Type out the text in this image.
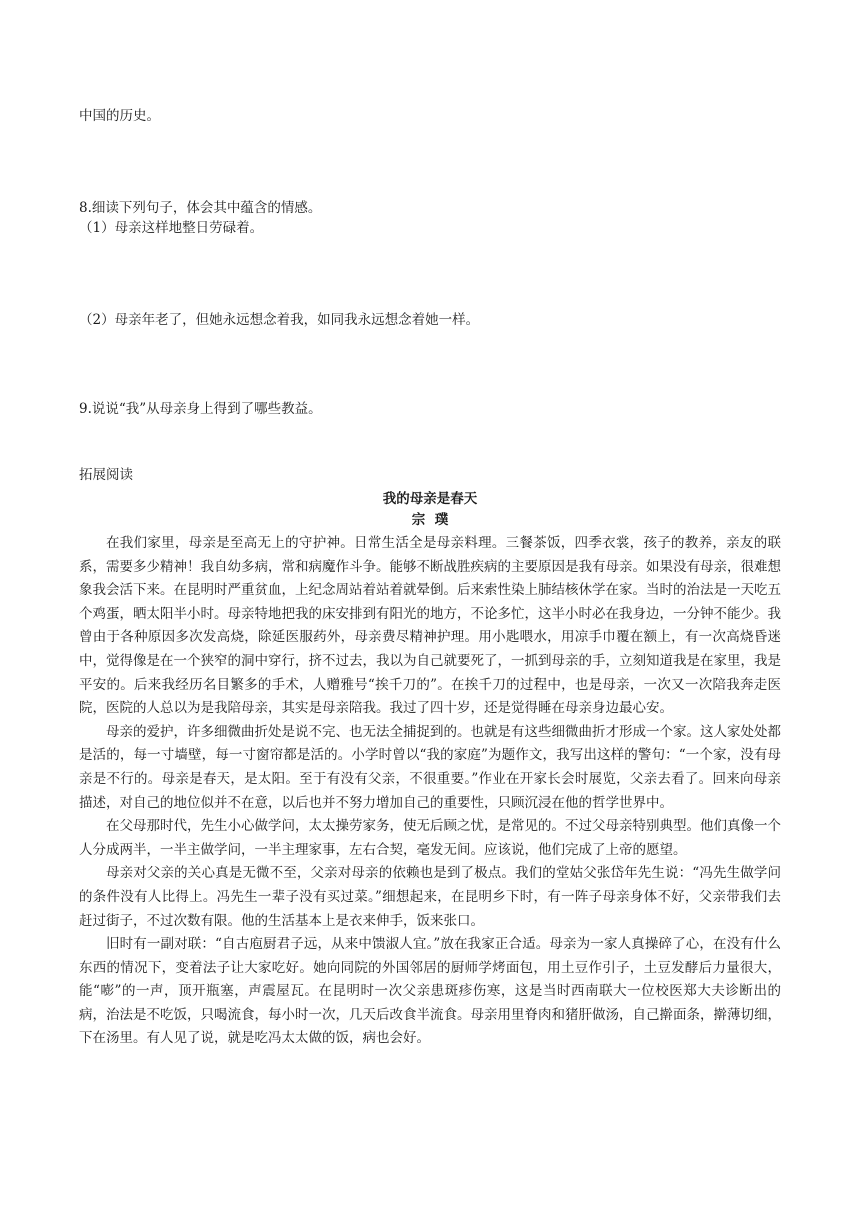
中国的历史。
8.细读下列句子，体会其中蕴含的情感。
（1）母亲这样地整日劳碌着。
（2）母亲年老了，但她永远想念着我，如同我永远想念着她一样。
9.说说“我”从母亲身上得到了哪些教益。
拓展阅读
我的母亲是春天
宗  璞

在我们家里，母亲是至高无上的守护神。日常生活全是母亲料理。三餐茶饭，四季衣裳，孩子的教养，亲友的联系，需要多少精神！我自幼多病，常和病魔作斗争。能够不断战胜疾病的主要原因是我有母亲。如果没有母亲，很难想象我会活下来。在昆明时严重贫血，上纪念周站着站着就晕倒。后来索性染上肺结核休学在家。当时的治法是一天吃五个鸡蛋，晒太阳半小时。母亲特地把我的床安排到有阳光的地方，不论多忙，这半小时必在我身边，一分钟不能少。我曾由于各种原因多次发高烧，除延医服药外，母亲费尽精神护理。用小匙喂水，用凉手巾覆在额上，有一次高烧昏迷中，觉得像是在一个狭窄的洞中穿行，挤不过去，我以为自己就要死了，一抓到母亲的手，立刻知道我是在家里，我是平安的。后来我经历名目繁多的手术，人赠雅号“挨千刀的”。在挨千刀的过程中，也是母亲，一次又一次陪我奔走医院，医院的人总以为是我陪母亲，其实是母亲陪我。我过了四十岁，还是觉得睡在母亲身边最心安。

母亲的爱护，许多细微曲折处是说不完、也无法全捕捉到的。也就是有这些细微曲折才形成一个家。这人家处处都是活的，每一寸墙壁，每一寸窗帘都是活的。小学时曾以“我的家庭”为题作文，我写出这样的警句：“一个家，没有母亲是不行的。母亲是春天，是太阳。至于有没有父亲，不很重要。”作业在开家长会时展览，父亲去看了。回来向母亲描述，对自己的地位似并不在意，以后也并不努力增加自己的重要性，只顾沉浸在他的哲学世界中。

在父母那时代，先生小心做学问，太太操劳家务，使无后顾之忧，是常见的。不过父母亲特别典型。他们真像一个人分成两半，一半主做学问，一半主理家事，左右合契，毫发无间。应该说，他们完成了上帝的愿望。

母亲对父亲的关心真是无微不至，父亲对母亲的依赖也是到了极点。我们的堂姑父张岱年先生说：“冯先生做学问的条件没有人比得上。冯先生一辈子没有买过菜。”细想起来，在昆明乡下时，有一阵子母亲身体不好，父亲带我们去赶过街子，不过次数有限。他的生活基本上是衣来伸手，饭来张口。

旧时有一副对联：“自古庖厨君子远，从来中馈淑人宜。”放在我家正合适。母亲为一家人真操碎了心，在没有什么东西的情况下，变着法子让大家吃好。她向同院的外国邻居的厨师学烤面包，用土豆作引子，土豆发酵后力量很大，能“嘭”的一声，顶开瓶塞，声震屋瓦。在昆明时一次父亲患斑疹伤寒，这是当时西南联大一位校医郑大夫诊断出的病，治法是不吃饭，只喝流食，每小时一次，几天后改食半流食。母亲用里脊肉和猪肝做汤，自己擀面条，擀薄切细，下在汤里。有人见了说，就是吃冯太太做的饭，病也会好。
